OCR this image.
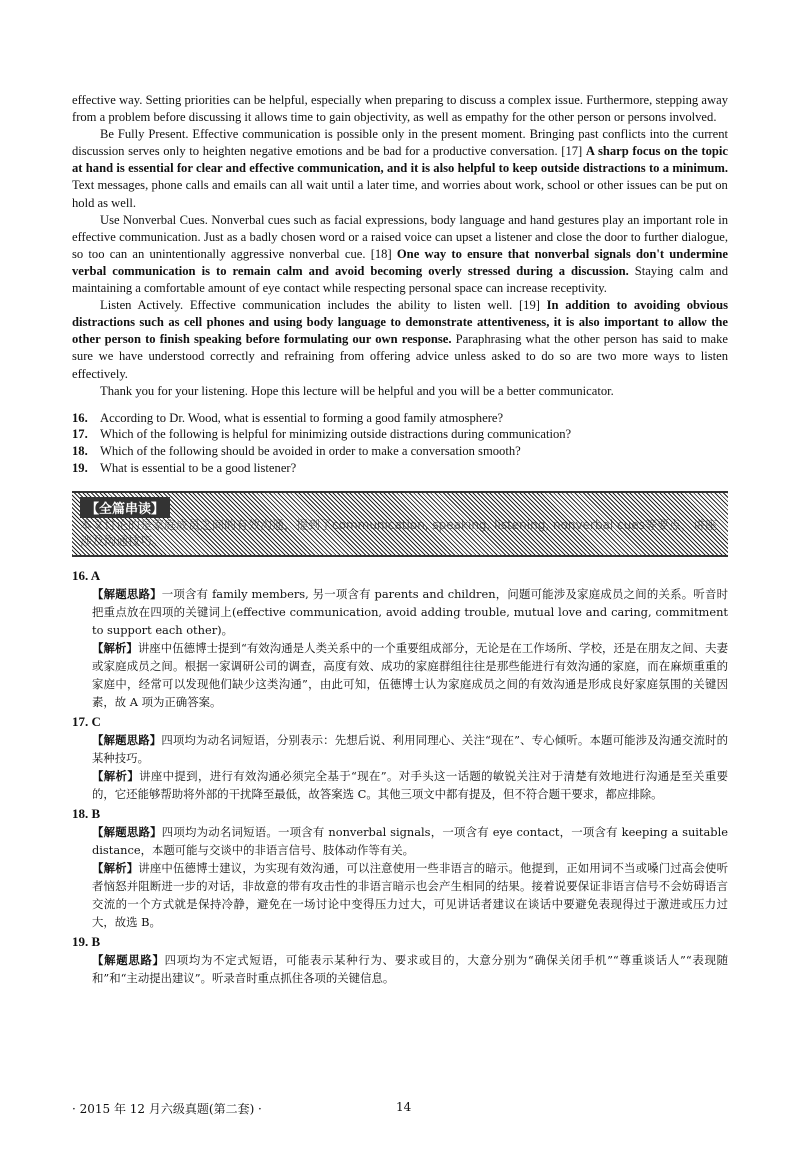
effective way. Setting priorities can be helpful, especially when preparing to discuss a complex issue. Furthermore, stepping away from a problem before discussing it allows time to gain objectivity, as well as empathy for the other person or persons involved.

Be Fully Present. Effective communication is possible only in the present moment. Bringing past conflicts into the current discussion serves only to heighten negative emotions and be bad for a productive conversation. [17] A sharp focus on the topic at hand is essential for clear and effective communication, and it is also helpful to keep outside distractions to a minimum. Text messages, phone calls and emails can all wait until a later time, and worries about work, school or other issues can be put on hold as well.

Use Nonverbal Cues. Nonverbal cues such as facial expressions, body language and hand gestures play an important role in effective communication. Just as a badly chosen word or a raised voice can upset a listener and close the door to further dialogue, so too can an unintentionally aggressive nonverbal cue. [18] One way to ensure that nonverbal signals don't undermine verbal communication is to remain calm and avoid becoming overly stressed during a discussion. Staying calm and maintaining a comfortable amount of eye contact while respecting personal space can increase receptivity.

Listen Actively. Effective communication includes the ability to listen well. [19] In addition to avoiding obvious distractions such as cell phones and using body language to demonstrate attentiveness, it is also important to allow the other person to finish speaking before formulating our own response. Paraphrasing what the other person has said to make sure we have understood correctly and refraining from offering advice unless asked to do so are two more ways to listen effectively.

Thank you for your listening. Hope this lecture will be helpful and you will be a better communicator.

16. According to Dr. Wood, what is essential to forming a good family atmosphere?
17. Which of the following is helpful for minimizing outside distractions during communication?
18. Which of the following should be avoided in order to make a conversation smooth?
19. What is essential to be a good listener?
【全篇串读】
本文讨论的是家庭成员之间的有效沟通，提到了communication, speaking, listening, nonverbal cues等要点，讲座涉及沟通技巧。
16. A

【解题思路】一项含有 family members, 另一项含有 parents and children，问题可能涉及家庭成员之间的关系。听音时把重点放在四项的关键词上(effective communication, avoid adding trouble, mutual love and caring, commitment to support each other)。

【解析】讲座中伍德博士提到“有效沟通是人类关系中的一个重要组成部分，无论是在工作场所、学校，还是在朋友之间、夫妻或家庭成员之间。根据一家调研公司的调查，高度有效、成功的家庭群组往往是那些能进行有效沟通的家庭，而在麻烦重重的家庭中，经常可以发现他们缺少这类沟通”，由此可知，伍德博士认为家庭成员之间的有效沟通是形成良好家庭氛围的关键因素，故 A 项为正确答案。

17. C

【解题思路】四项均为动名词短语，分别表示：先想后说、利用同理心、关注“现在”、专心倾听。本题可能涉及沟通交流时的某种技巧。

【解析】讲座中提到，进行有效沟通必须完全基于“现在”。对手头这一话题的敏锐关注对于清楚有效地进行沟通是至关重要的，它还能够帮助将外部的干扰降至最低，故答案选 C。其他三项文中都有提及，但不符合题干要求，都应排除。

18. B

【解题思路】四项均为动名词短语。一项含有 nonverbal signals，一项含有 eye contact，一项含有 keeping a suitable distance，本题可能与交谈中的非语言信号、肢体动作等有关。

【解析】讲座中伍德博士建议，为实现有效沟通，可以注意使用一些非语言的暗示。他提到，正如用词不当或嗓门过高会使听者恼怒并阻断进一步的对话，非故意的带有攻击性的非语言暗示也会产生相同的结果。接着说要保证非语言信号不会妨碍语言交流的一个方式就是保持冷静，避免在一场讨论中变得压力过大，可见讲话者建议在谈话中要避免表现得过于激进或压力过大，故选 B。

19. B

【解题思路】四项均为不定式短语，可能表示某种行为、要求或目的，大意分别为“确保关闭手机”“尊重谈话人”“表现随和”和“主动提出建议”。听录音时重点抓住各项的关键信息。

· 2015 年 12 月六级真题(第二套) ·	14
